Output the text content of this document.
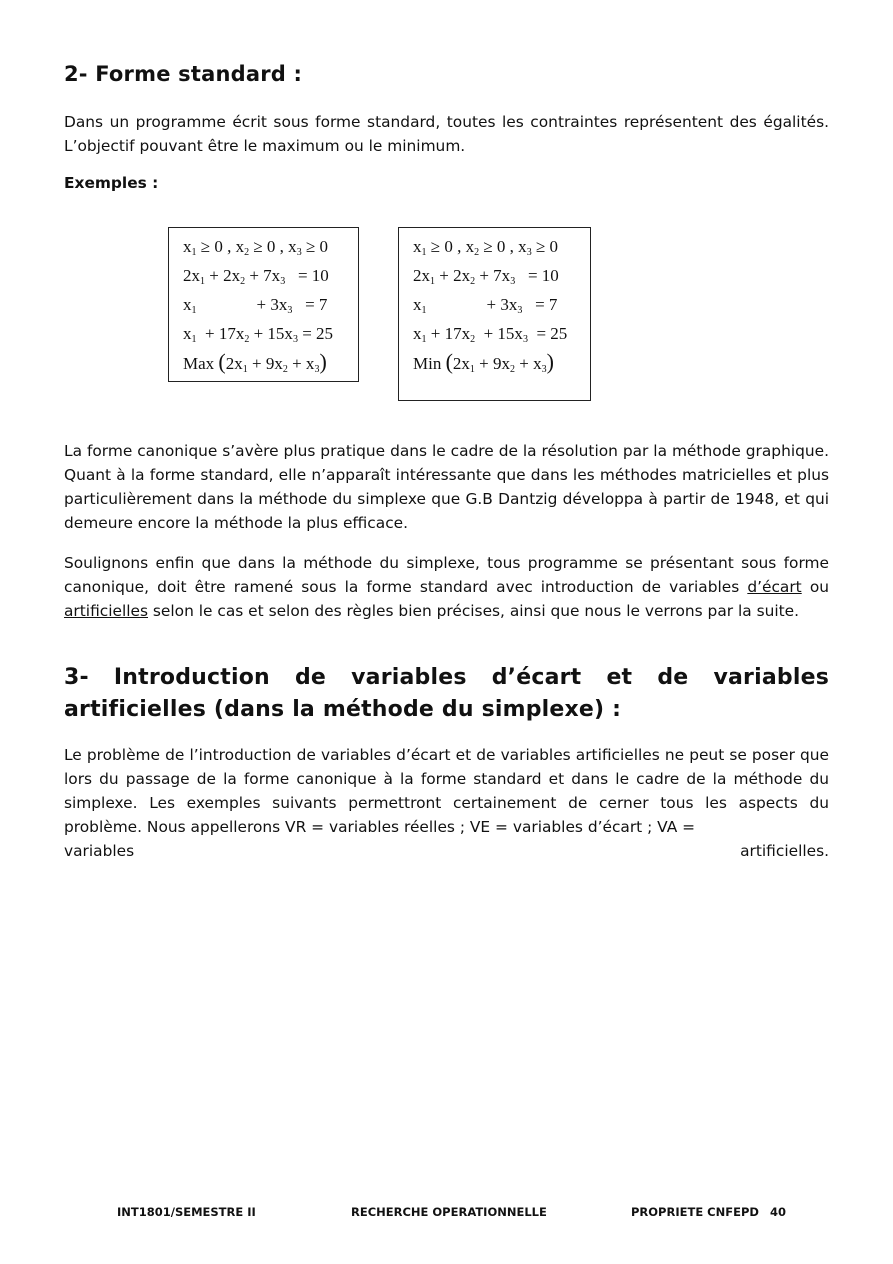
2- Forme standard :

Dans un programme écrit sous forme standard, toutes les contraintes représentent des égalités. L’objectif pouvant être le maximum ou le minimum.

Exemples :
$x_1 \ge 0$ , $x_2 \ge 0$ , $x_3 \ge 0$
$2x_1 + 2x_2 + 7x_3 = 10$
$x_1$	+ $3x_3 = 7$
$x_1 + 17x_2 + 15x_3 = 25$
Max $(2x_1 + 9x_2 + x_3)$
$x_1 \ge 0$ , $x_2 \ge 0$ , $x_3 \ge 0$
$2x_1 + 2x_2 + 7x_3 = 10$
$x_1$	+ $3x_3 = 7$
$x_1 + 17x_2 + 15x_3 = 25$
Min $(2x_1 + 9x_2 + x_3)$

La forme canonique s’avère plus pratique dans le cadre de la résolution par la méthode graphique. Quant à la forme standard, elle n’apparaît intéressante que dans les méthodes matricielles et plus particulièrement dans la méthode du simplexe que G.B Dantzig développa à partir de 1948, et qui demeure encore la méthode la plus efficace.

Soulignons enfin que dans la méthode du simplexe, tous programme se présentant sous forme canonique, doit être ramené sous la forme standard avec introduction de variables d’écart ou artificielles selon le cas et selon des règles bien précises, ainsi que nous le verrons par la suite.

3- Introduction de variables d’écart et de variables artificielles (dans la méthode du simplexe) :
Le problème de l’introduction de variables d’écart et de variables artificielles ne peut se poser que lors du passage de la forme canonique à la forme standard et dans le cadre de la méthode du simplexe. Les exemples suivants permettront certainement de cerner tous les aspects du problème. Nous appellerons VR = variables réelles ; VE = variables d’écart ; VA =
variables	artificielles.
INT1801/SEMESTRE II	RECHERCHE OPERATIONNELLE	PROPRIETE CNFEPD 40
